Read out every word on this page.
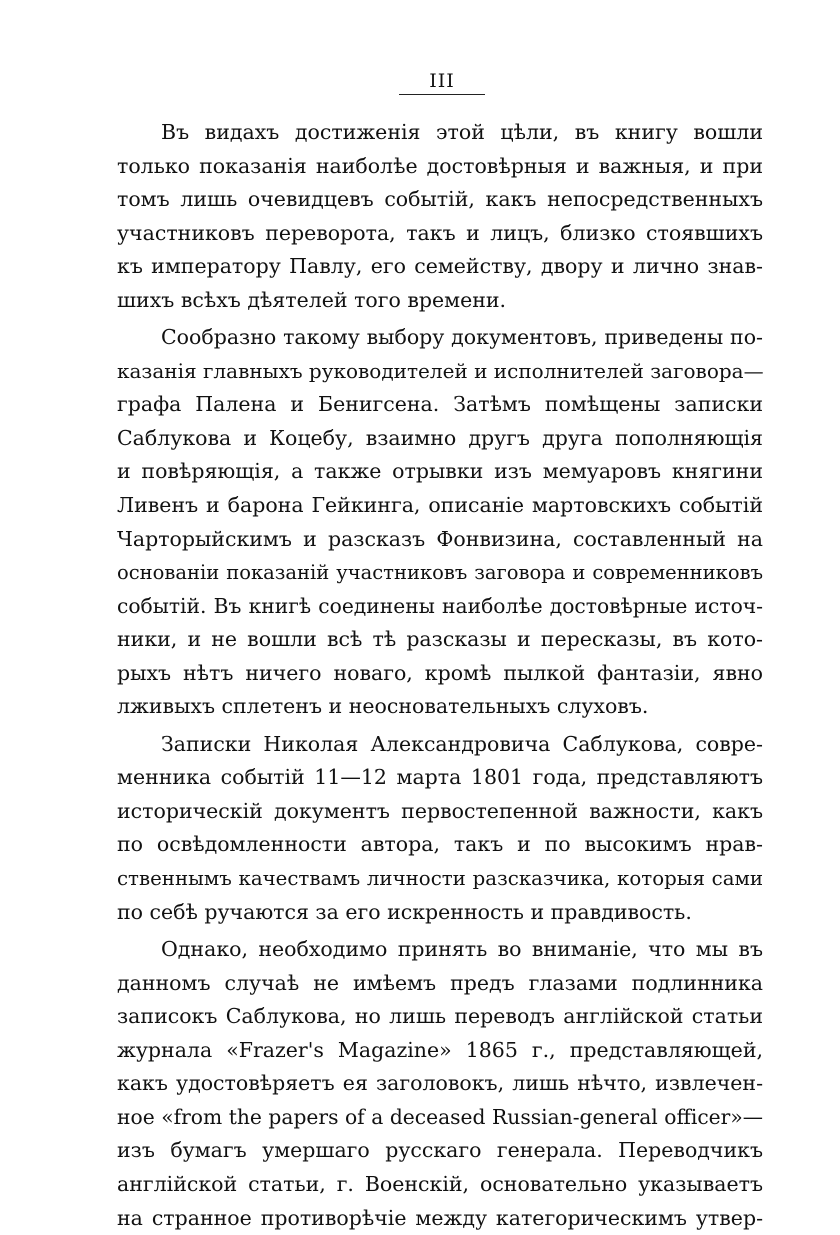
III
Въ видахъ достиженія этой цѣли, въ книгу вошли
только показанія наиболѣе достовѣрныя и важныя, и при
томъ лишь очевидцевъ событій, какъ непосредственныхъ
участниковъ переворота, такъ и лицъ, близко стоявшихъ
къ императору Павлу, его семейству, двору и лично знав-
шихъ всѣхъ дѣятелей того времени.
Сообразно такому выбору документовъ, приведены по-
казанія главныхъ руководителей и исполнителей заговора—
графа Палена и Бенигсена. Затѣмъ помѣщены записки
Саблукова и Коцебу, взаимно другъ друга пополняющія
и повѣряющія, а также отрывки изъ мемуаровъ княгини
Ливенъ и барона Гейкинга, описаніе мартовскихъ событій
Чарторыйскимъ и разсказъ Фонвизина, составленный на
основаніи показаній участниковъ заговора и современниковъ
событій. Въ книгѣ соединены наиболѣе достовѣрные источ-
ники, и не вошли всѣ тѣ разсказы и пересказы, въ кото-
рыхъ нѣтъ ничего новаго, кромѣ пылкой фантазіи, явно
лживыхъ сплетенъ и неосновательныхъ слуховъ.
Записки Николая Александровича Саблукова, совре-
менника событій 11—12 марта 1801 года, представляютъ
историческій документъ первостепенной важности, какъ
по освѣдомленности автора, такъ и по высокимъ нрав-
ственнымъ качествамъ личности разсказчика, которыя сами
по себѣ ручаются за его искренность и правдивость.
Однако, необходимо принять во вниманіе, что мы въ
данномъ случаѣ не имѣемъ предъ глазами подлинника
записокъ Саблукова, но лишь переводъ англійской статьи
журнала «Frazer's Magazine» 1865 г., представляющей,
какъ удостовѣряетъ ея заголовокъ, лишь нѣчто, извлечен-
ное «from the papers of a deceased Russian-general officer»—
изъ бумагъ умершаго русскаго генерала. Переводчикъ
англійской статьи, г. Военскій, основательно указываетъ
на странное противорѣчіе между категорическимъ утвер-
